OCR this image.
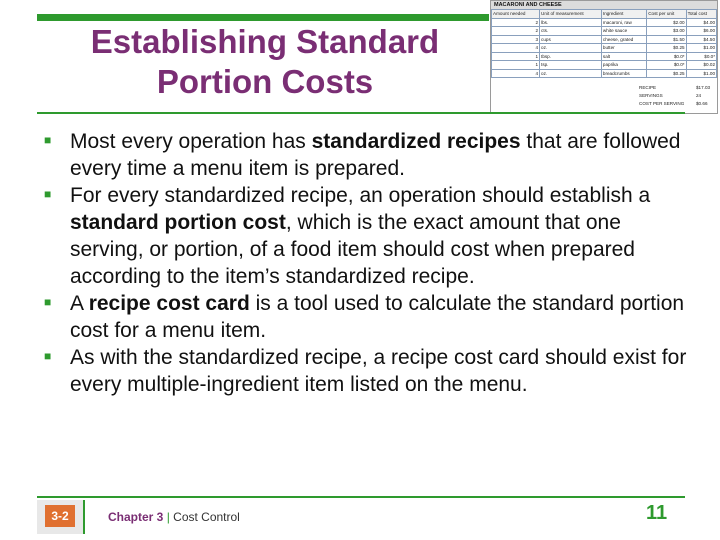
Establishing Standard
Portion Costs
MACARONI AND CHEESE
Amount needed	Unit of measurement	Ingredient	Cost per unit	Total cost
2	lbs.	macaroni, raw	$2.00	$4.00
2	cts.	white sauce	$3.00	$6.00
3	cups	cheese, grated	$1.50	$4.50
4	oz.	butter	$0.25	$1.00
1	tbsp.	salt	$0.0*	$0.0*
1	tsp.	paprika	$0.0*	$0.02
4	oz.	breadcrumbs	$0.25	$1.00
RECIPE	$17.03
SERVINGS	24
COST PER SERVING	$0.66
■ Most every operation has standardized recipes that are followed every time a menu item is prepared.
■ For every standardized recipe, an operation should establish a standard portion cost, which is the exact amount that one serving, or portion, of a food item should cost when prepared according to the item’s standardized recipe.
■ A recipe cost card is a tool used to calculate the standard portion cost for a menu item.
■ As with the standardized recipe, a recipe cost card should exist for every multiple-ingredient item listed on the menu.
3-2	Chapter 3 | Cost Control	11
